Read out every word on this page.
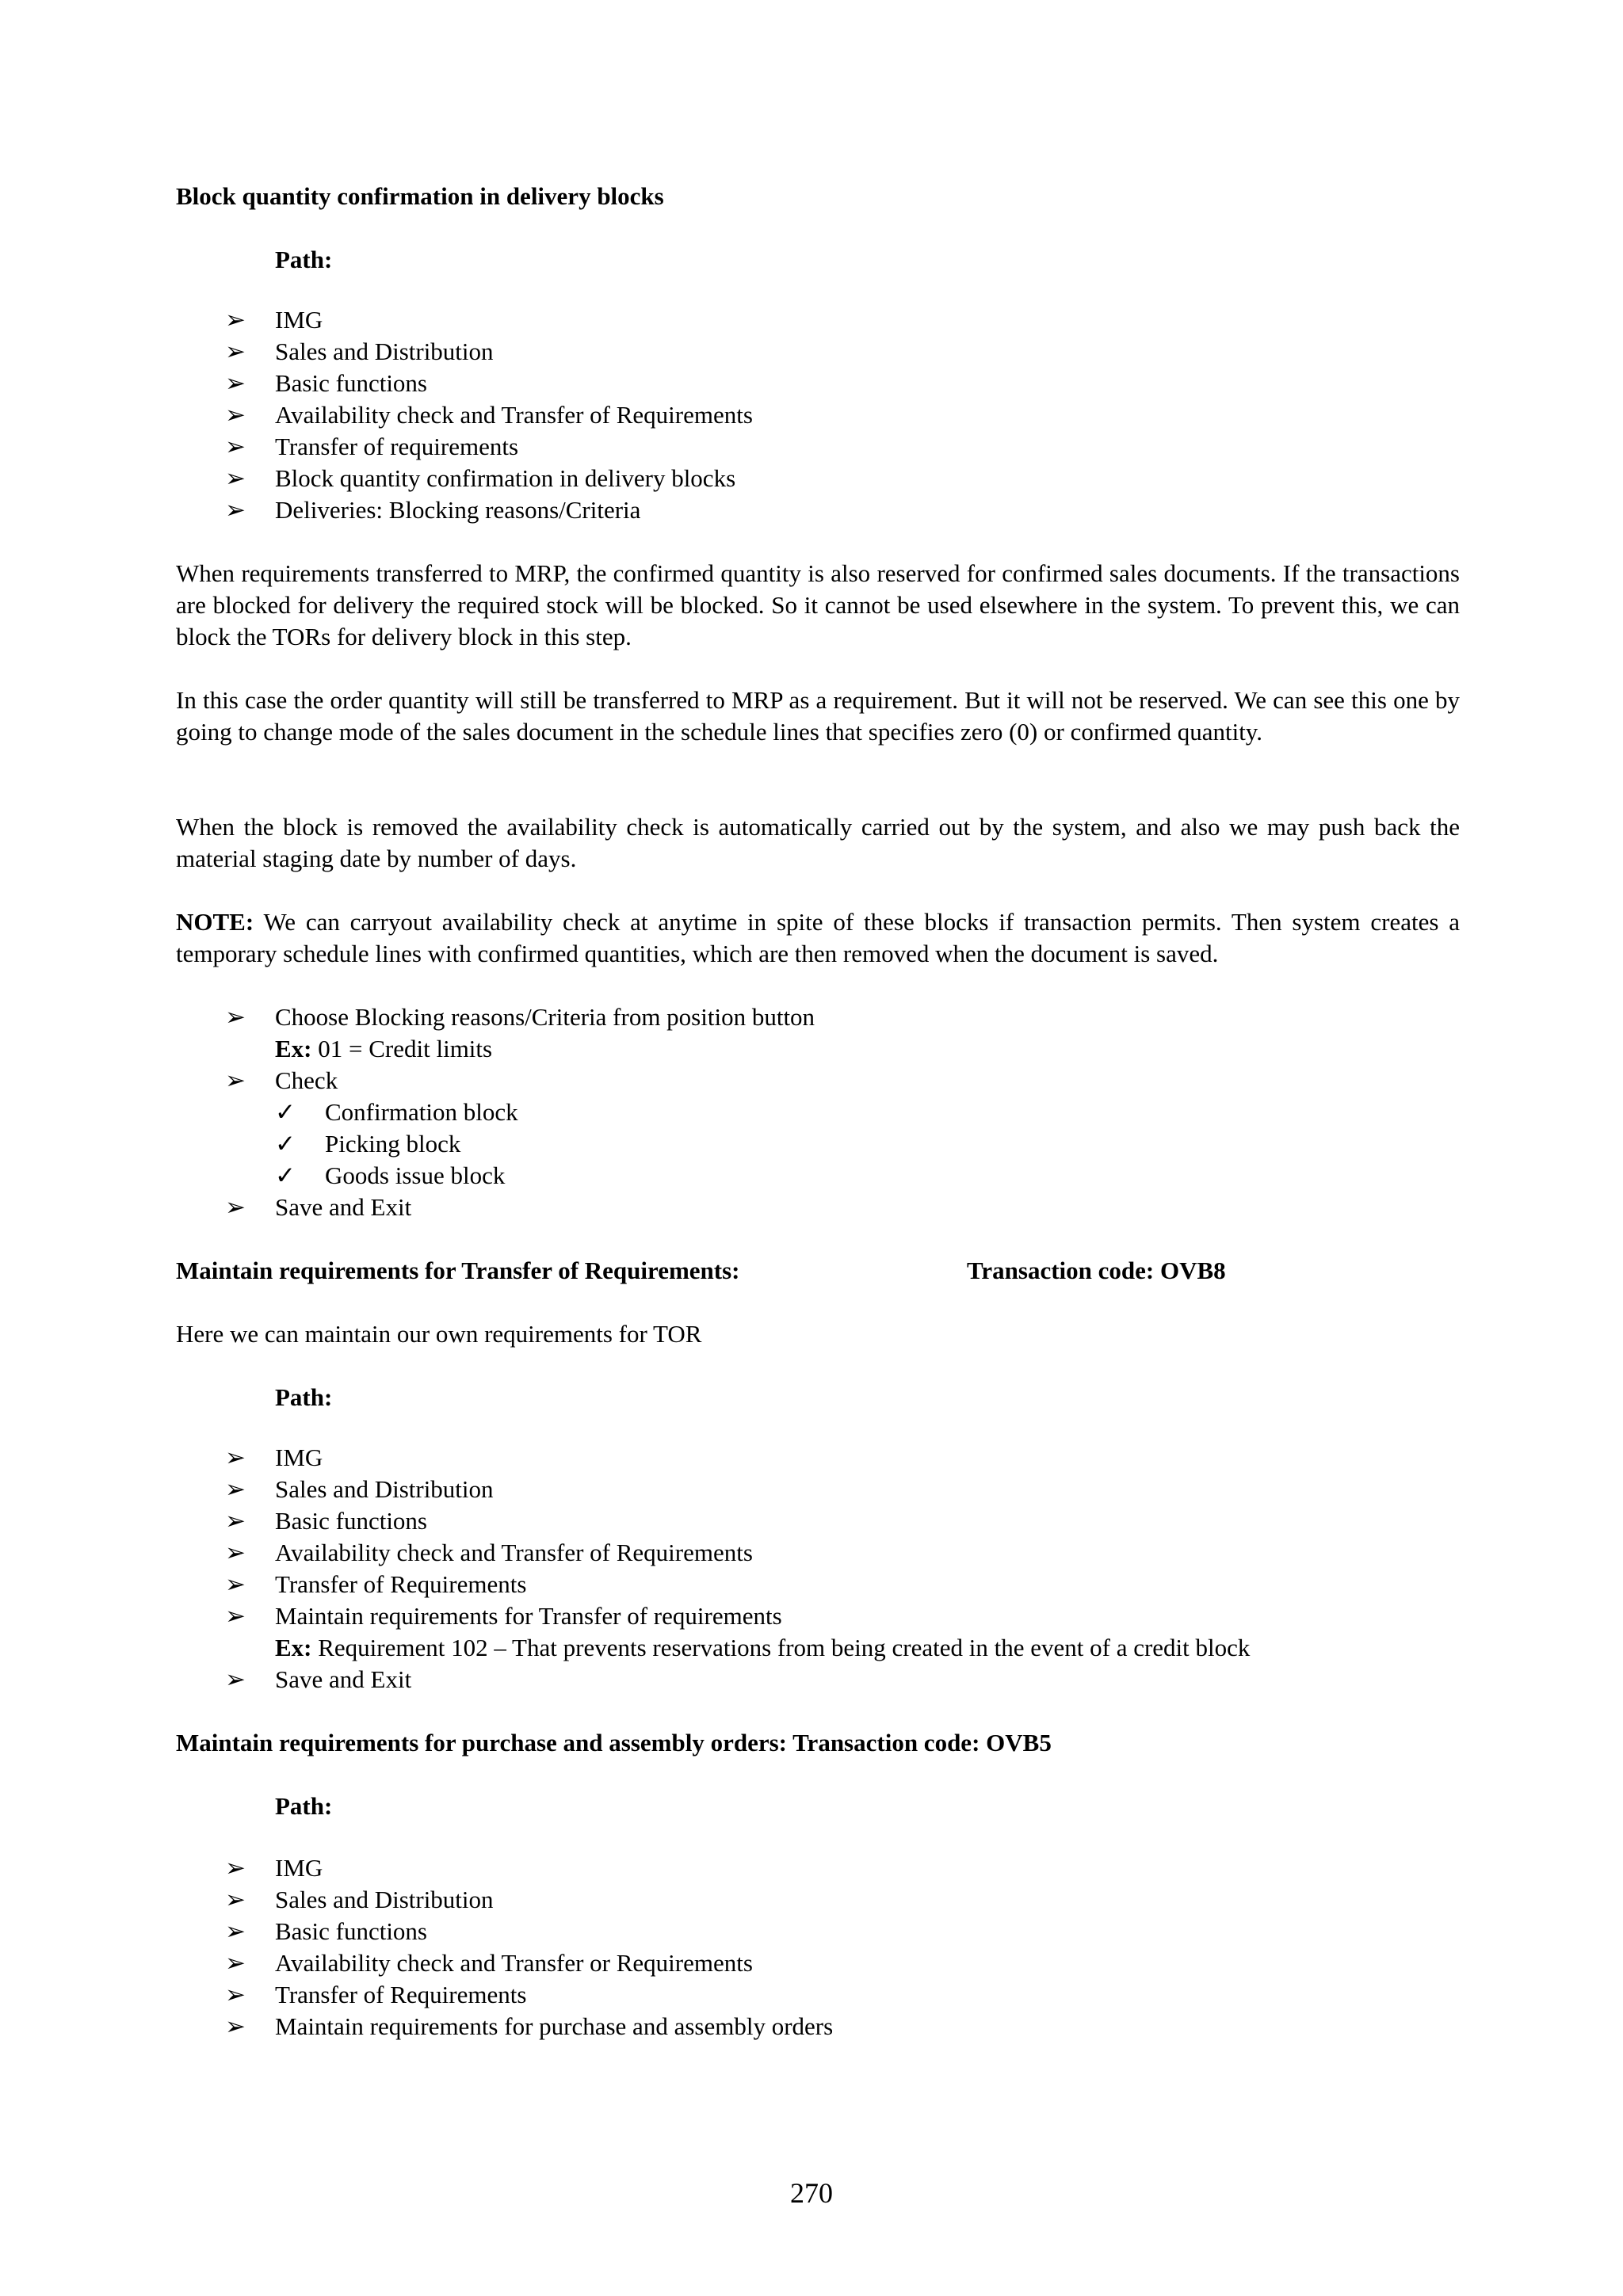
Block quantity confirmation in delivery blocks
Path:
➢	IMG
➢	Sales and Distribution
➢	Basic functions
➢	Availability check and Transfer of Requirements
➢	Transfer of requirements
➢	Block quantity confirmation in delivery blocks
➢	Deliveries: Blocking reasons/Criteria
When requirements transferred to MRP, the confirmed quantity is also reserved for confirmed sales documents. If the transactions are blocked for delivery the required stock will be blocked. So it cannot be used elsewhere in the system. To prevent this, we can block the TORs for delivery block in this step.
In this case the order quantity will still be transferred to MRP as a requirement. But it will not be reserved. We can see this one by going to change mode of the sales document in the schedule lines that specifies zero (0) or confirmed quantity.
When the block is removed the availability check is automatically carried out by the system, and also we may push back the material staging date by number of days.
NOTE: We can carryout availability check at anytime in spite of these blocks if transaction permits. Then system creates a temporary schedule lines with confirmed quantities, which are then removed when the document is saved.
➢	Choose Blocking reasons/Criteria from position button
Ex: 01 = Credit limits
➢	Check
✓ Confirmation block
✓ Picking block
✓ Goods issue block
➢	Save and Exit
Maintain requirements for Transfer of Requirements:	Transaction code: OVB8
Here we can maintain our own requirements for TOR
Path:
➢	IMG
➢	Sales and Distribution
➢	Basic functions
➢	Availability check and Transfer of Requirements
➢	Transfer of Requirements
➢	Maintain requirements for Transfer of requirements
Ex: Requirement 102 – That prevents reservations from being created in the event of a credit block
➢	Save and Exit
Maintain requirements for purchase and assembly orders: Transaction code: OVB5
Path:
➢	IMG
➢	Sales and Distribution
➢	Basic functions
➢	Availability check and Transfer or Requirements
➢	Transfer of Requirements
➢	Maintain requirements for purchase and assembly orders
270
